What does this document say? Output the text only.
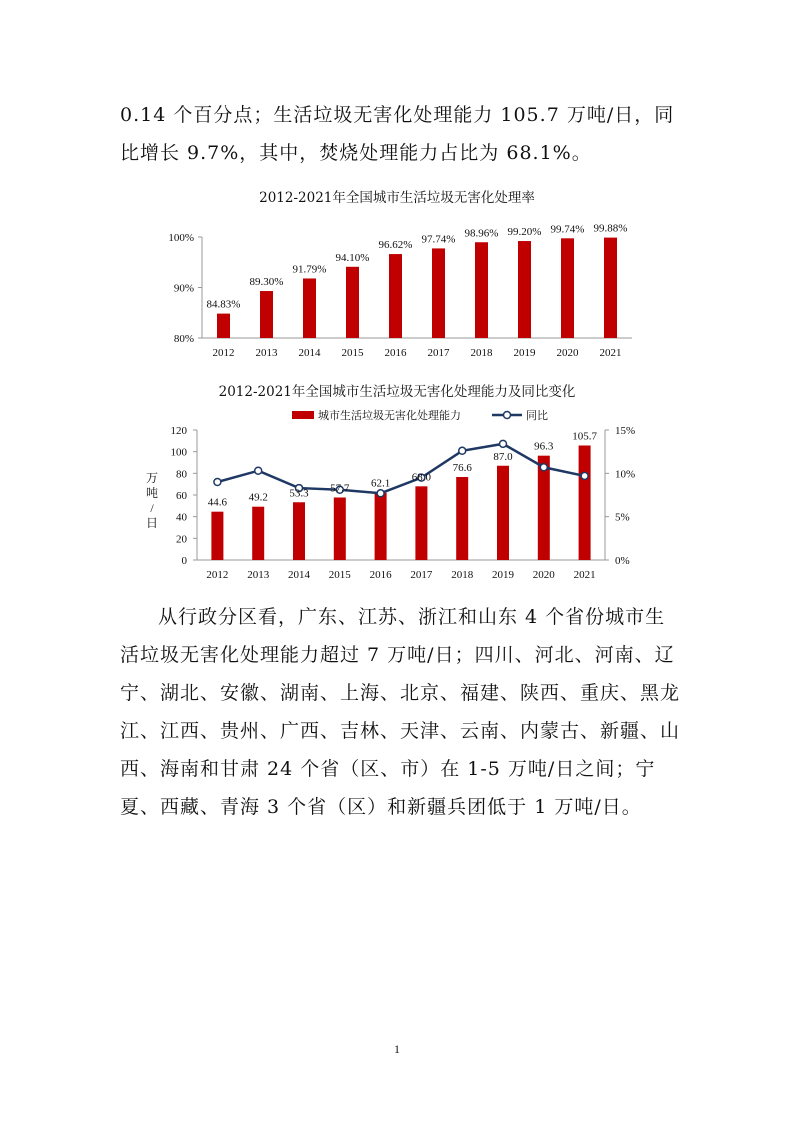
0.14 个百分点；生活垃圾无害化处理能力 105.7 万吨/日，同比增长 9.7%，其中，焚烧处理能力占比为 68.1%。

2012-2021年全国城市生活垃圾无害化处理率
80%
90%
100%
84.83%
2012
89.30%
2013
91.79%
2014
94.10%
2015
96.62%
2016
97.74%
2017
98.96%
2018
99.20%
2019
99.74%
2020
99.88%
2021
2012-2021年全国城市生活垃圾无害化处理能力及同比变化
0
20
40
60
80
100
120
0%
5%
10%
15%
万
吨
/
日
城市生活垃圾无害化处理能力	同比
2012 2013 2014 2015 2016 2017 2018 2019 2020 2021
44.6 49.2 53.3 57.7 62.1
68.0
76.6
87.0
96.3
105.7

从行政分区看，广东、江苏、浙江和山东 4 个省份城市生活垃圾无害化处理能力超过 7 万吨/日；四川、河北、河南、辽宁、湖北、安徽、湖南、上海、北京、福建、陕西、重庆、黑龙江、江西、贵州、广西、吉林、天津、云南、内蒙古、新疆、山西、海南和甘肃 24 个省（区、市）在 1-5 万吨/日之间；宁夏、西藏、青海 3 个省（区）和新疆兵团低于 1 万吨/日。

1
